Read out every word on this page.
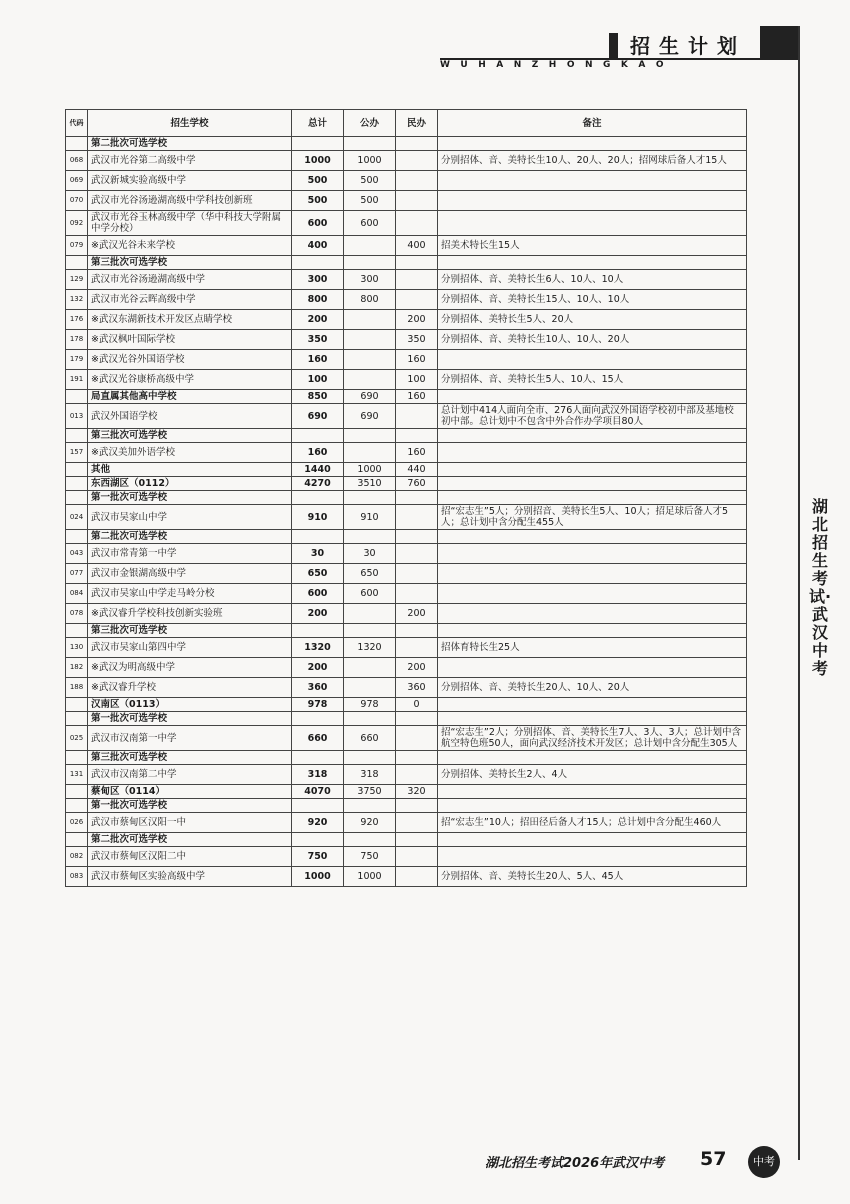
招生计划
WUHANZHONGKAO
湖北招生考试·武汉中考
代码	招生学校	总计	公办	民办	备注
	第二批次可选学校				
068	武汉市光谷第二高级中学	1000	1000		分别招体、音、美特长生10人、20人、20人；招网球后备人才15人
069	武汉新城实验高级中学	500	500		
070	武汉市光谷汤逊湖高级中学科技创新班	500	500		
092	武汉市光谷玉林高级中学（华中科技大学附属中学分校）	600	600		
079	※武汉光谷未来学校	400		400	招美术特长生15人
	第三批次可选学校				
129	武汉市光谷汤逊湖高级中学	300	300		分别招体、音、美特长生6人、10人、10人
132	武汉市光谷云晖高级中学	800	800		分别招体、音、美特长生15人、10人、10人
176	※武汉东湖新技术开发区点睛学校	200		200	分别招体、美特长生5人、20人
178	※武汉枫叶国际学校	350		350	分别招体、音、美特长生10人、10人、20人
179	※武汉光谷外国语学校	160		160	
191	※武汉光谷康桥高级中学	100		100	分别招体、音、美特长生5人、10人、15人
	局直属其他高中学校	850	690	160	
013	武汉外国语学校	690	690		总计划中414人面向全市、276人面向武汉外国语学校初中部及基地校初中部。总计划中不包含中外合作办学项目80人
	第三批次可选学校				
157	※武汉美加外语学校	160		160	
	其他	1440	1000	440	
	东西湖区（0112）	4270	3510	760	
	第一批次可选学校				
024	武汉市吴家山中学	910	910		招“宏志生”5人；分别招音、美特长生5人、10人；招足球后备人才5人；总计划中含分配生455人
	第二批次可选学校				
043	武汉市常青第一中学	30	30		
077	武汉市金银湖高级中学	650	650		
084	武汉市吴家山中学走马岭分校	600	600		
078	※武汉睿升学校科技创新实验班	200		200	
	第三批次可选学校				
130	武汉市吴家山第四中学	1320	1320		招体育特长生25人
182	※武汉为明高级中学	200		200	
188	※武汉睿升学校	360		360	分别招体、音、美特长生20人、10人、20人
	汉南区（0113）	978	978	0	
	第一批次可选学校				
025	武汉市汉南第一中学	660	660		招“宏志生”2人；分别招体、音、美特长生7人、3人、3人；总计划中含航空特色班50人，面向武汉经济技术开发区；总计划中含分配生305人
	第三批次可选学校				
131	武汉市汉南第二中学	318	318		分别招体、美特长生2人、4人
	蔡甸区（0114）	4070	3750	320	
	第一批次可选学校				
026	武汉市蔡甸区汉阳一中	920	920		招“宏志生”10人；招田径后备人才15人；总计划中含分配生460人
	第二批次可选学校				
082	武汉市蔡甸区汉阳二中	750	750		
083	武汉市蔡甸区实验高级中学	1000	1000		分别招体、音、美特长生20人、5人、45人
湖北招生考试2026年武汉中考 57	中考
